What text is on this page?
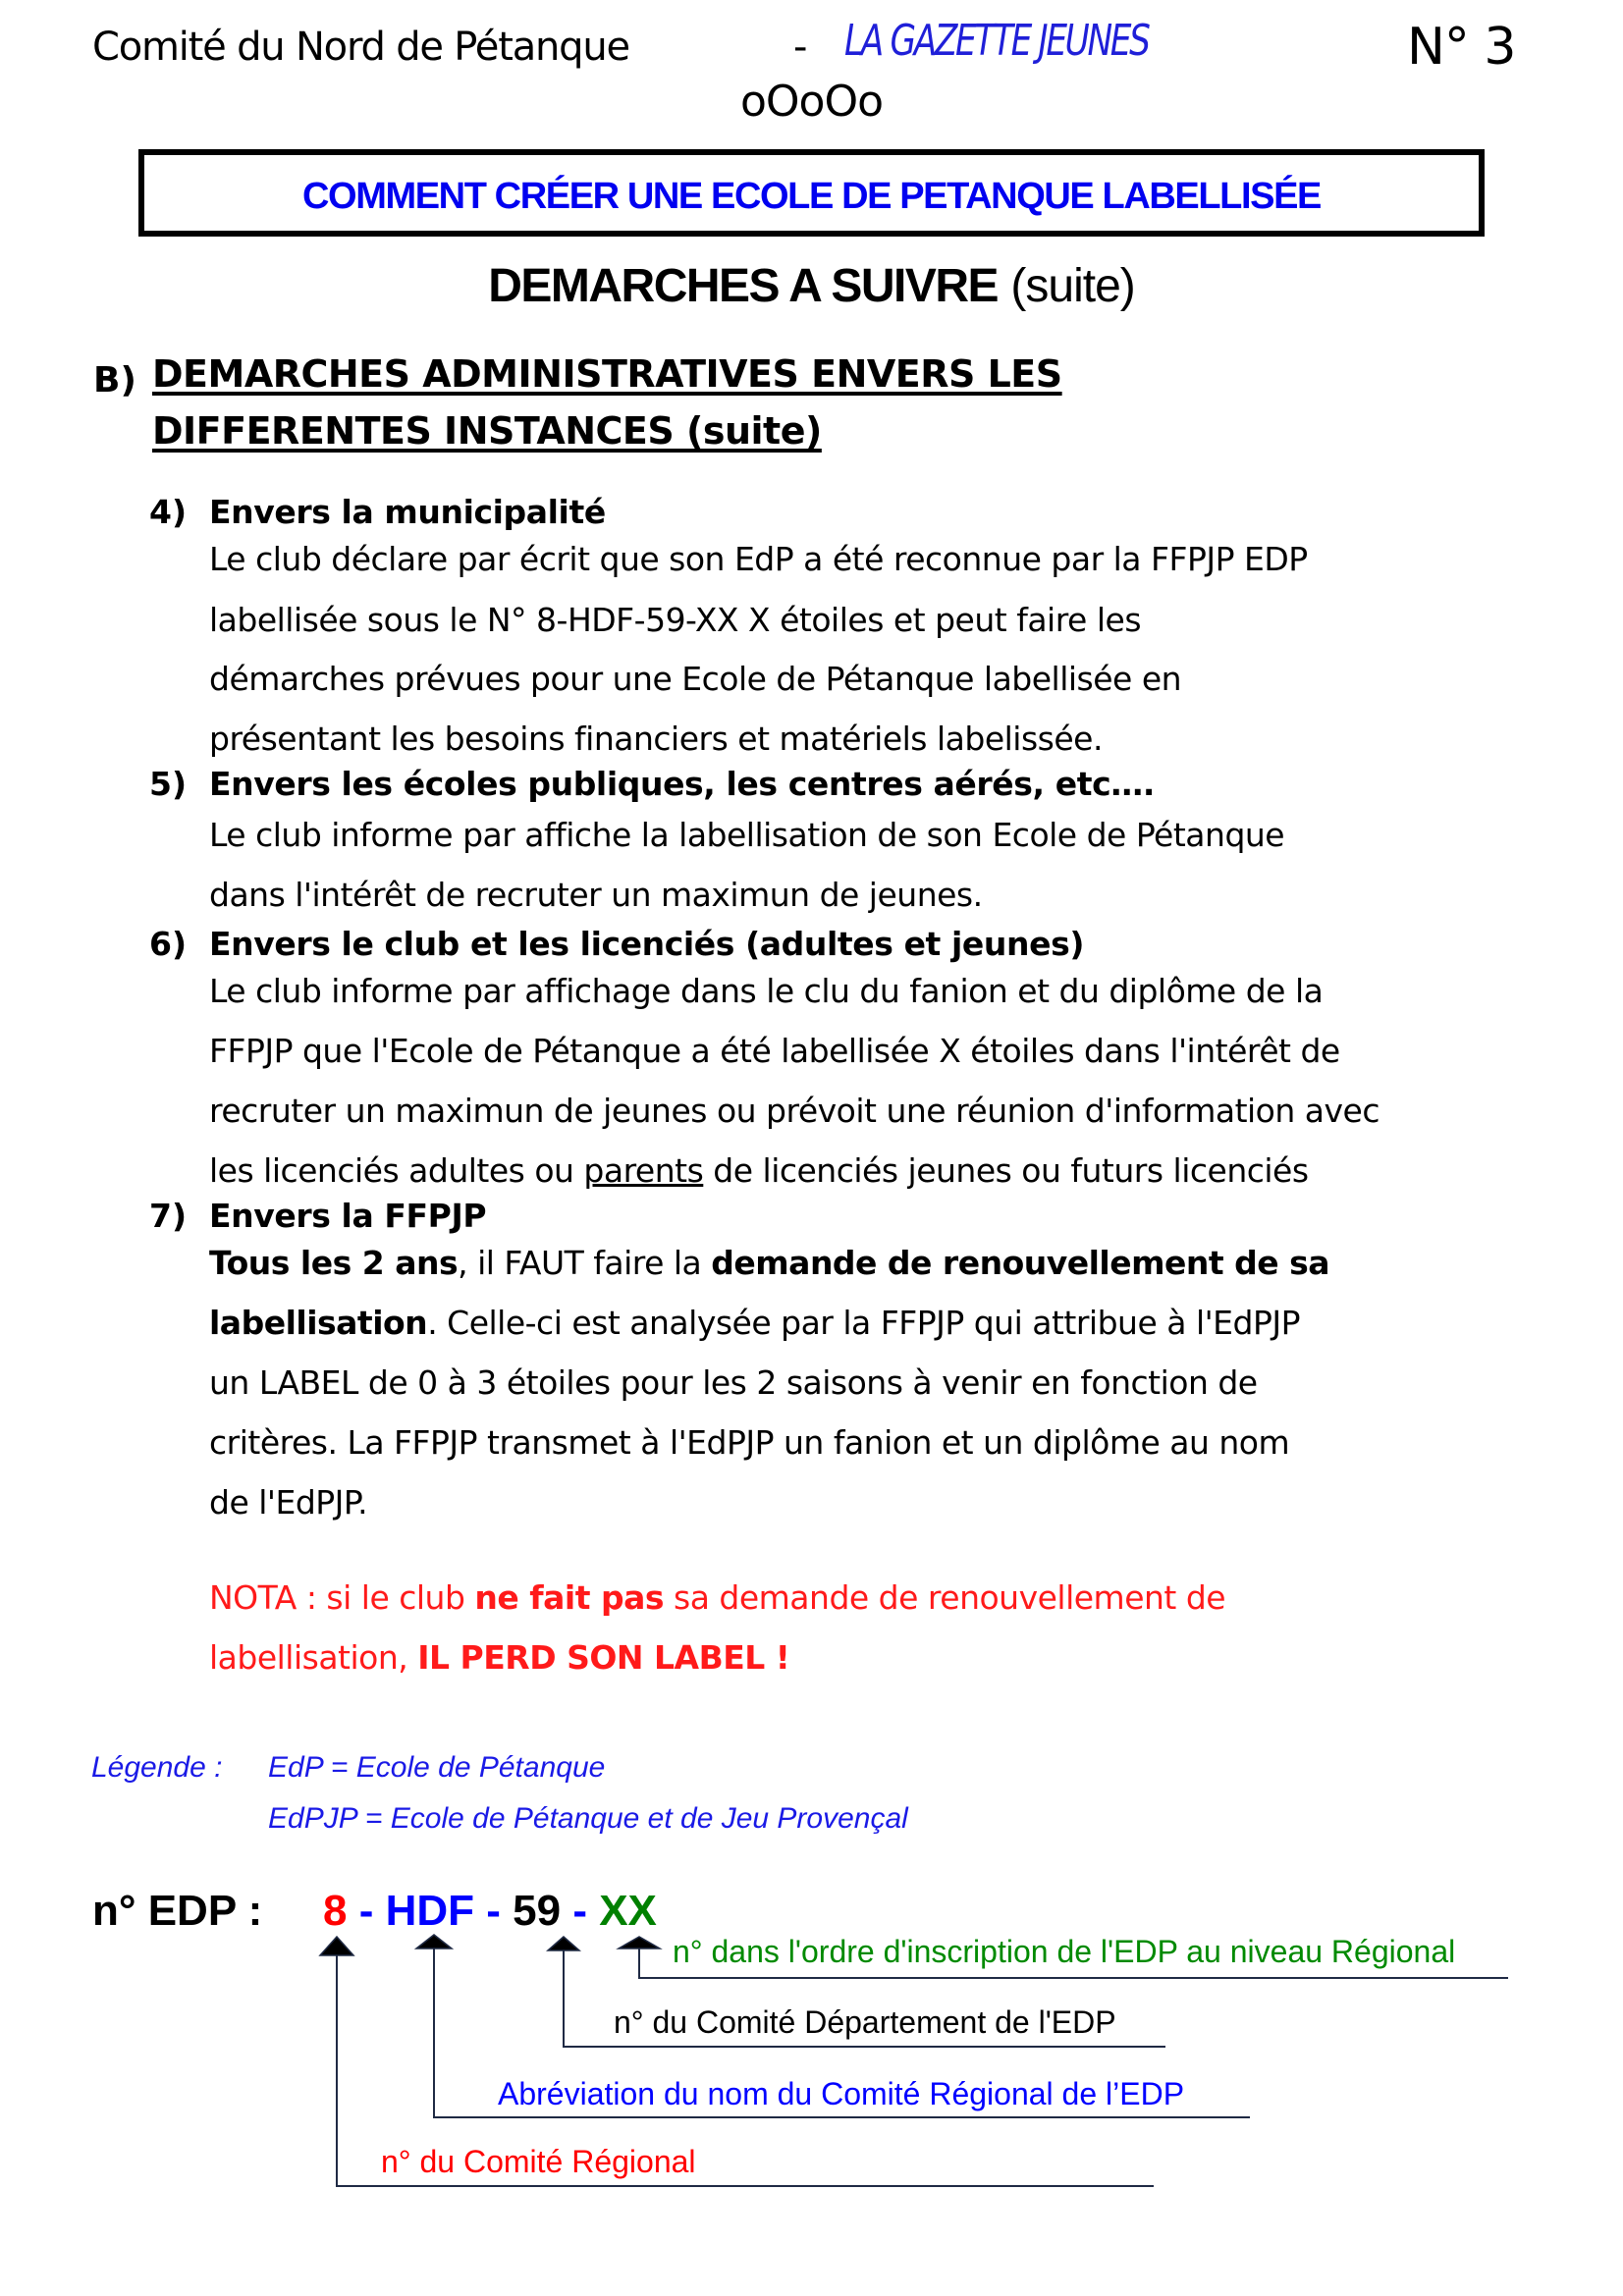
Comité du Nord de Pétanque	- LA GAZETTE JEUNES	N° 3
oOoOo
COMMENT CRÉER UNE ECOLE DE PETANQUE LABELLISÉE
DEMARCHES A SUIVRE (suite)
B) DEMARCHES ADMINISTRATIVES ENVERS LES
DIFFERENTES INSTANCES (suite)
4) Envers la municipalité
Le club déclare par écrit que son EdP a été reconnue par la FFPJP EDP
labellisée sous le N° 8-HDF-59-XX X étoiles et peut faire les
démarches prévues pour une Ecole de Pétanque labellisée en
présentant les besoins financiers et matériels labelissée.
5) Envers les écoles publiques, les centres aérés, etc….
Le club informe par affiche la labellisation de son Ecole de Pétanque
dans l'intérêt de recruter un maximun de jeunes.
6) Envers le club et les licenciés (adultes et jeunes)
Le club informe par affichage dans le clu du fanion et du diplôme de la
FFPJP que l'Ecole de Pétanque a été labellisée X étoiles dans l'intérêt de
recruter un maximun de jeunes ou prévoit une réunion d'information avec
les licenciés adultes ou parents de licenciés jeunes ou futurs licenciés
7) Envers la FFPJP
Tous les 2 ans, il FAUT faire la demande de renouvellement de sa
labellisation. Celle-ci est analysée par la FFPJP qui attribue à l'EdPJP
un LABEL de 0 à 3 étoiles pour les 2 saisons à venir en fonction de
critères. La FFPJP transmet à l'EdPJP un fanion et un diplôme au nom
de l'EdPJP.
NOTA : si le club ne fait pas sa demande de renouvellement de
labellisation, IL PERD SON LABEL !
Légende : EdP = Ecole de Pétanque
EdPJP = Ecole de Pétanque et de Jeu Provençal
n° EDP : 8 - HDF - 59 - XX
n° dans l'ordre d'inscription de l'EDP au niveau Régional
n° du Comité Département de l'EDP
Abréviation du nom du Comité Régional de l’EDP
n° du Comité Régional
